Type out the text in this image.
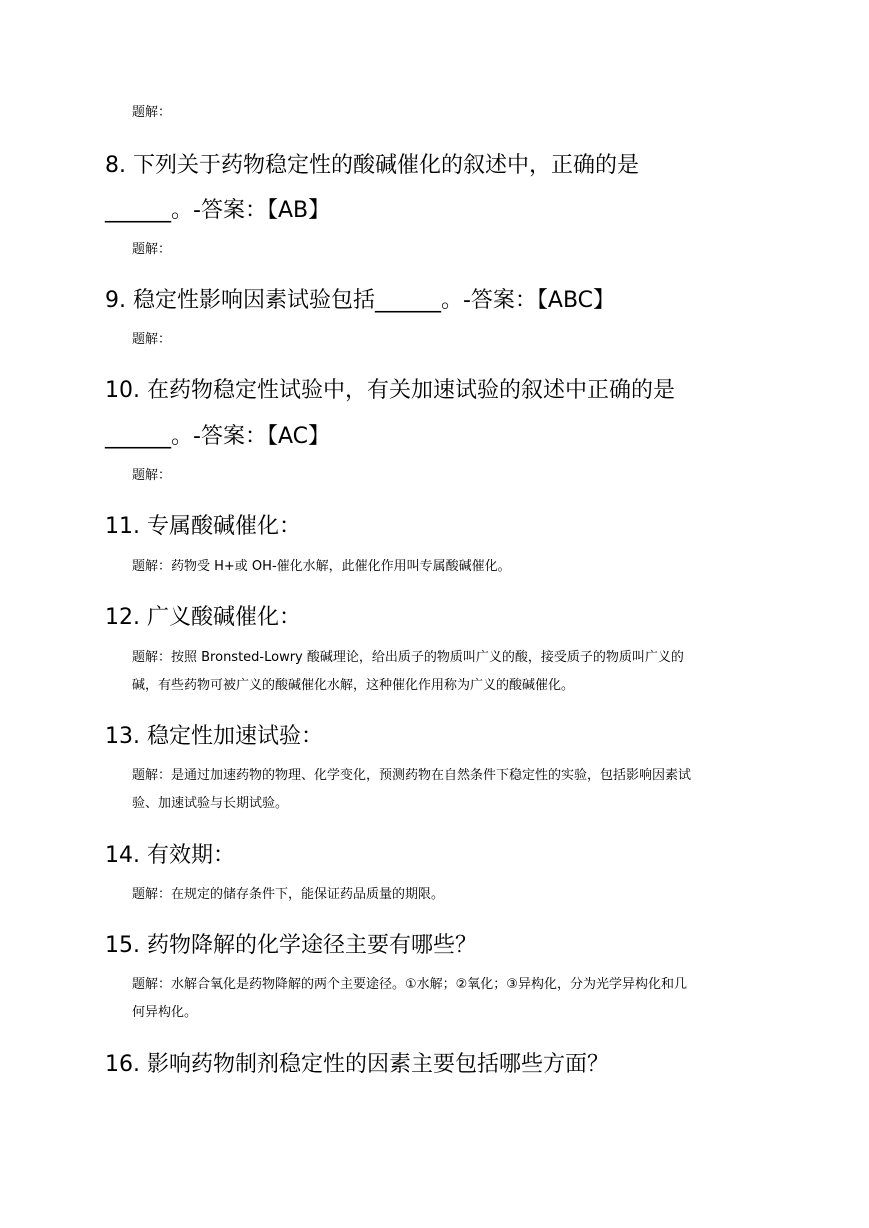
题解：
8. 下列关于药物稳定性的酸碱催化的叙述中，正确的是
______。-答案：【AB】
题解：
9. 稳定性影响因素试验包括______。-答案：【ABC】
题解：
10. 在药物稳定性试验中，有关加速试验的叙述中正确的是
______。-答案：【AC】
题解：
11. 专属酸碱催化：
题解：药物受 H+或 OH-催化水解，此催化作用叫专属酸碱催化。
12. 广义酸碱催化：
题解：按照 Bronsted-Lowry 酸碱理论，给出质子的物质叫广义的酸，接受质子的物质叫广义的
碱，有些药物可被广义的酸碱催化水解，这种催化作用称为广义的酸碱催化。
13. 稳定性加速试验：
题解：是通过加速药物的物理、化学变化，预测药物在自然条件下稳定性的实验，包括影响因素试
验、加速试验与长期试验。
14. 有效期：
题解：在规定的储存条件下，能保证药品质量的期限。
15. 药物降解的化学途径主要有哪些？
题解：水解合氧化是药物降解的两个主要途径。①水解；②氧化；③异构化，分为光学异构化和几
何异构化。
16. 影响药物制剂稳定性的因素主要包括哪些方面？
